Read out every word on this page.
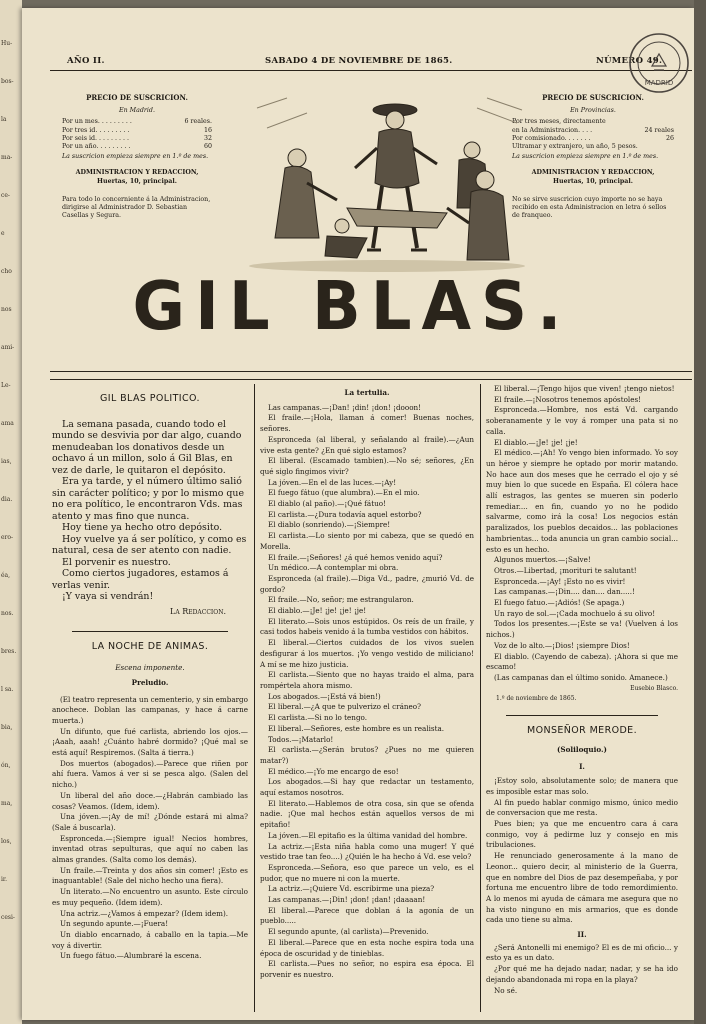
Hu-
bos-
la
ma-
ce-
e
cho
nos
ami-
Le-
ama
ias,
dia.
ero-
éa,
nos.
bres.
l sa.
bia,
ón,
ma,
los,
ir.
cesi-
AÑO II.	SABADO 4 DE NOVIEMBRE DE 1865.	NÚMERO 49.
MADRID
PRECIO DE SUSCRICION.
En Madrid.
Por un mes. . . . . . . . .	6 reales.
Por tres id. . . . . . . . .	16
Por seis id. . . . . . . . .	32
Por un año. . . . . . . . .	60
La suscricion empieza siempre en 1.º de mes.
ADMINISTRACION Y REDACCION,
Huertas, 10, principal.
Para todo lo concerniente á la Administracion, dirigirse al Administrador D. Sebastian Casellas y Segura.
PRECIO DE SUSCRICION.
En Provincias.
Por tres meses, directamente
en la Administracion. . . .	24 reales
Por comisionado. . . . . . .	26
Ultramar y extranjero, un año, 5 pesos.
La suscricion empieza siempre en 1.º de mes.
ADMINISTRACION Y REDACCION,
Huertas, 10, principal.
No se sirve suscricion cuyo importe no se haya recibido en esta Administracion en letra ó sellos de franqueo.
GIL BLAS.
GIL BLAS POLITICO.

La semana pasada, cuando todo el mundo se desvivia por dar algo, cuando menudeaban los donativos desde un ochavo á un millon, solo á Gil Blas, en vez de darle, le quitaron el depósito.

Era ya tarde, y el número último salió sin carácter político; y por lo mismo que no era político, le encontraron Vds. mas atento y mas fino que nunca.

Hoy tiene ya hecho otro depósito.

Hoy vuelve ya á ser político, y como es natural, cesa de ser atento con nadie.

El porvenir es nuestro.

Como ciertos jugadores, estamos á verlas venir.

¡Y vaya si vendrán!

La Redaccion.
LA NOCHE DE ANIMAS.
Escena imponente.
Preludio.

(El teatro representa un cementerio, y sin embargo anochece. Doblan las campanas, y hace á carne muerta.)

Un difunto, que fué carlista, abriendo los ojos.—¡Aaah, aaah! ¿Cuánto habré dormido? ¡Qué mal se está aquí! Respiremos. (Salta á tierra.)

Dos muertos (abogados).—Parece que riñen por ahí fuera. Vamos á ver si se pesca algo. (Salen del nicho.)

Un liberal del año doce.—¿Habrán cambiado las cosas? Veamos. (Idem, idem).

Una jóven.—¡Ay de mí! ¿Dónde estará mi alma? (Sale á buscarla).

Espronceda.—¡Siempre igual! Necios hombres, inventad otras sepulturas, que aquí no caben las almas grandes. (Salta como los demás).

Un fraile.—Treinta y dos años sin comer! ¡Esto es inaguantable! (Sale del nicho hecho una fiera).

Un literato.—No encuentro un asunto. Este círculo es muy pequeño. (Idem idem).

Una actriz.—¿Vamos á empezar? (Idem idem).

Un segundo apunte.—¡Fuera!

Un diablo encarnado, á caballo en la tapia.—Me voy á divertir.

Un fuego fátuo.—Alumbraré la escena.

La tertulia.

Las campanas.—¡Dan! ¡din! ¡don! ¡dooon!

El fraile.—¡Hola, llaman á comer! Buenas noches, señores.

Espronceda (al liberal, y señalando al fraile).—¿Aun vive esta gente? ¿En qué siglo estamos?

El liberal. (Escamado tambien).—No sé; señores, ¿En qué siglo fingimos vivir?

La jóven.—En el de las luces.—¡Ay!

El fuego fátuo (que alumbra).—En el mio.

El diablo (al paño).—¡Qué fátuo!

El carlista.—¿Dura todavía aquel estorbo?

El diablo (sonriendo).—¡Siempre!

El carlista.—Lo siento por mi cabeza, que se quedó en Morella.

El fraile.—¡Señores! ¿á qué hemos venido aquí?

Un médico.—A contemplar mi obra.

Espronceda (al fraile).—Diga Vd., padre, ¿murió Vd. de gordo?

El fraile.—No, señor; me estrangularon.

El diablo.—¡Je! ¡je! ¡je! ¡je!

El literato.—Sois unos estúpidos. Os reís de un fraile, y casi todos habeis venido á la tumba vestidos con hábitos.

El liberal.—Ciertos cuidados de los vivos suelen desfigurar á los muertos. ¡Yo vengo vestido de miliciano! A mí se me hizo justicia.

El carlista.—Siento que no hayas traido el alma, para rompértela ahora mismo.

Los abogados.—¡Está vá bien!)

El liberal.—¿A que te pulverizo el cráneo?

El carlista.—Si no lo tengo.

El liberal.—Señores, este hombre es un realista.

Todos.—¡Matarlo!

El carlista.—¿Serán brutos? ¿Pues no me quieren matar?)

El médico.—¡Yo me encargo de eso!

Los abogados.—Si hay que redactar un testamento, aquí estamos nosotros.

El literato.—Hablemos de otra cosa, sin que se ofenda nadie. ¡Que mal hechos están aquellos versos de mi epitafio!

La jóven.—El epitafio es la última vanidad del hombre.

La actriz.—¡Esta niña habla como una muger! Y qué vestido trae tan feo....) ¿Quién le ha hecho á Vd. ese velo?

Espronceda.—Señora, eso que parece un velo, es el pudor, que no muere ni con la muerte.

La actriz.—¡Quiere Vd. escribirme una pieza?

Las campanas.—¡Din! ¡don! ¡dan! ¡daaaan!

El liberal.—Parece que doblan á la agonía de un pueblo.....

El segundo apunte, (al carlista)—Prevenido.

El liberal.—Parece que en esta noche espira toda una época de oscuridad y de tinieblas.

El carlista.—Pues no señor, no espira esa época. El porvenir es nuestro.

El liberal.—¡Tengo hijos que viven! ¡tengo nietos!

El fraile.—¡Nosotros tenemos apóstoles!

Espronceda.—Hombre, nos está Vd. cargando soberanamente y le voy á romper una pata si no calla.

El diablo.—¡Je! ¡je! ¡je!

El médico.—¡Ah! Yo vengo bien informado. Yo soy un héroe y siempre he optado por morir matando. No hace aun dos meses que he cerrado el ojo y sé muy bien lo que sucede en España. El cólera hace allí estragos, las gentes se mueren sin poderlo remediar.... en fin, cuando yo no he podido salvarme, como irá la cosa! Los negocios están paralizados, los pueblos decaidos... las poblaciones hambrientas... toda anuncia un gran cambio social... esto es un hecho.

Algunos muertos.—¡Salve!

Otros.—Libertad, ¡morituri te salutant!

Espronceda.—¡Ay! ¡Esto no es vivir!

Las campanas.—¡Din.... dan.... dan.....!

El fuego fatuo.—¡Adiós! (Se apaga.)

Un rayo de sol.—¡Cada mochuelo á su olivo!

Todos los presentes.—¡Este se va! (Vuelven á los nichos.)

Voz de lo alto.—¡Dios! ¡siempre Dios!

El diablo. (Cayendo de cabeza). ¡Ahora si que me escamo!

(Las campanas dan el último sonido. Amanece.)

Eusebio Blasco.
1.º de noviembre de 1865.
MONSEÑOR MERODE.
(Soliloquio.)
I.

¡Estoy solo, absolutamente solo; de manera que es imposible estar mas solo.

Al fin puedo hablar conmigo mismo, único medio de conversacion que me resta.

Pues bien; ya que me encuentro cara á cara conmigo, voy á pedirme luz y consejo en mis tribulaciones.

He renunciado generosamente á la mano de Leonor... quiero decir, al ministerio de la Guerra, que en nombre del Dios de paz desempeñaba, y por fortuna me encuentro libre de todo remordimiento. A lo menos mi ayuda de cámara me asegura que no ha visto ninguno en mis armarios, que es donde cada uno tiene su alma.

II.

¿Será Antonelli mi enemigo? El es de mi oficio... y esto ya es un dato.

¿Por qué me ha dejado nadar, nadar, y se ha ido dejando abandonada mi ropa en la playa?

No sé.
